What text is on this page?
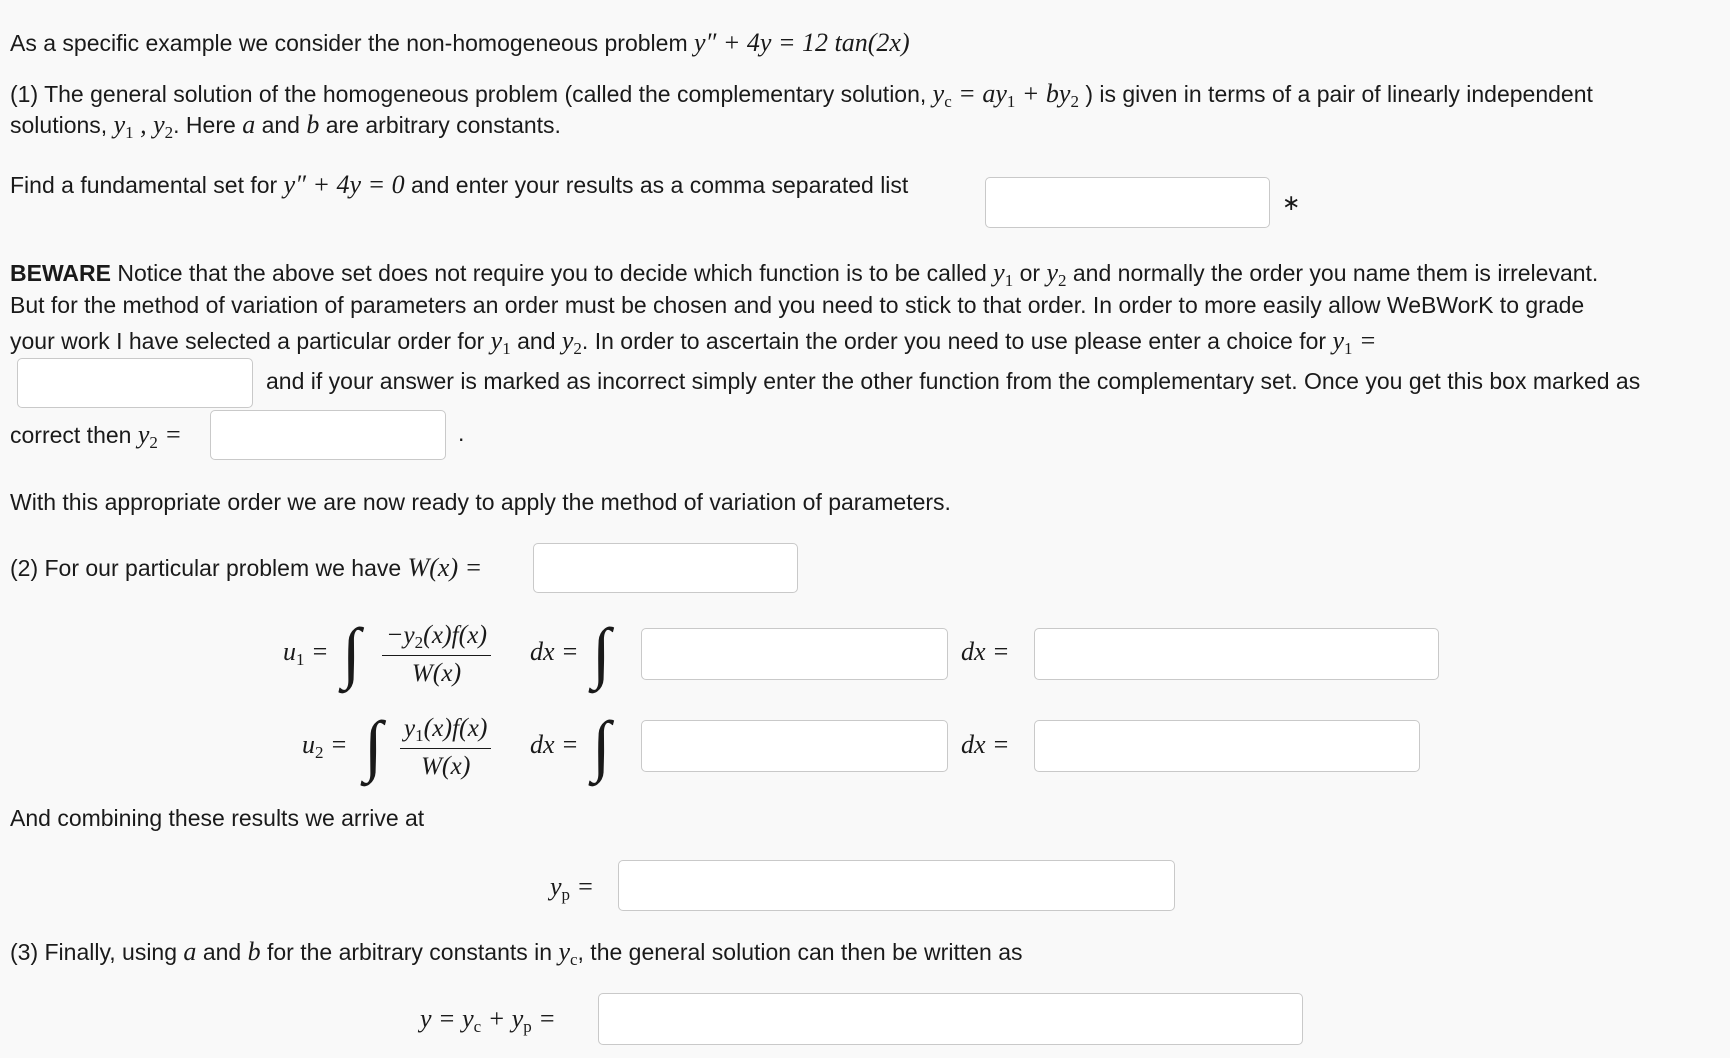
As a specific example we consider the non-homogeneous problem y″ + 4y = 12 tan(2x)
(1) The general solution of the homogeneous problem (called the complementary solution, $y_c = ay_1 + by_2$ ) is given in terms of a pair of linearly independent
solutions, $y_1$ , $y_2$. Here a and b are arbitrary constants.
Find a fundamental set for y″ + 4y = 0 and enter your results as a comma separated list
∗
BEWARE Notice that the above set does not require you to decide which function is to be called $y_1$ or $y_2$ and normally the order you name them is irrelevant.
But for the method of variation of parameters an order must be chosen and you need to stick to that order. In order to more easily allow WeBWorK to grade
your work I have selected a particular order for $y_1$ and $y_2$. In order to ascertain the order you need to use please enter a choice for $y_1$ =
and if your answer is marked as incorrect simply enter the other function from the complementary set. Once you get this box marked as
correct then $y_2$ =	.
With this appropriate order we are now ready to apply the method of variation of parameters.
(2) For our particular problem we have W(x) =
$u_1$ = ∫ $\frac{-y_2(x)f(x)}{W(x)}$ dx = ∫	dx =
$u_2$ = ∫ $\frac{y_1(x)f(x)}{W(x)}$ dx = ∫	dx =
And combining these results we arrive at
$y_p$ =
(3) Finally, using a and b for the arbitrary constants in $y_c$, the general solution can then be written as
$y = y_c + y_p$ =
